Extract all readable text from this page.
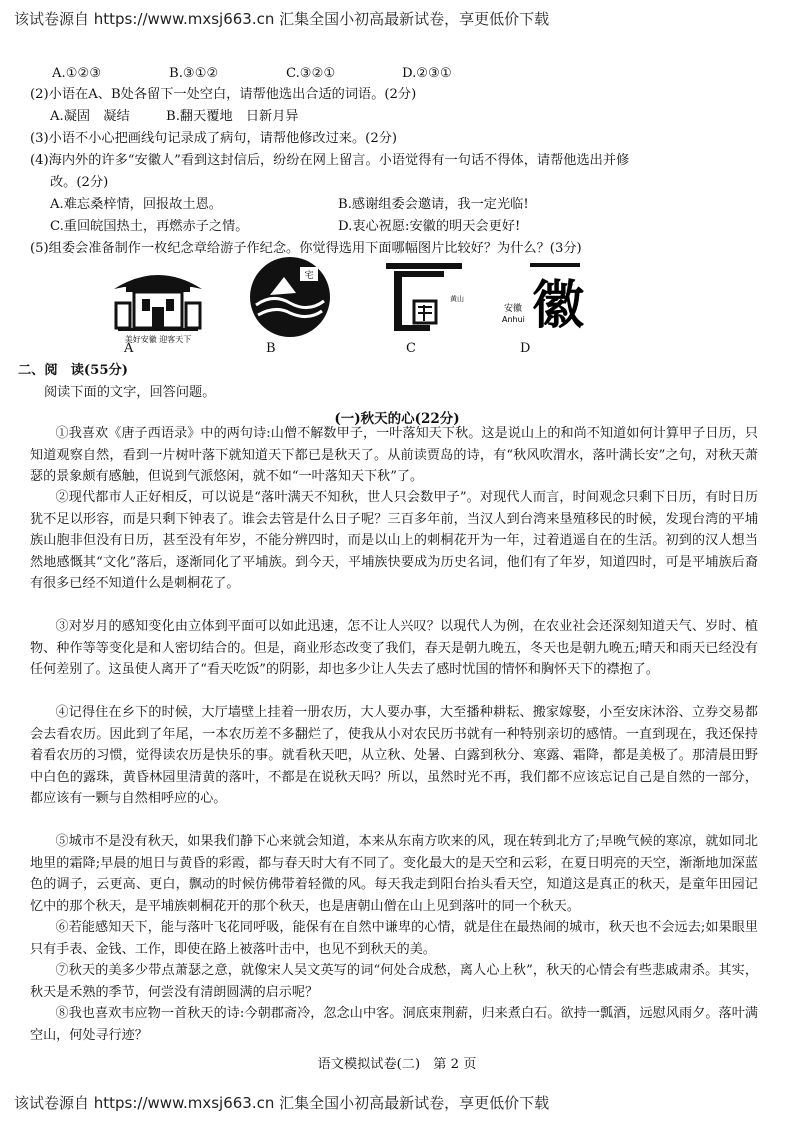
该试卷源自 https://www.mxsj663.cn 汇集全国小初高最新试卷，享更低价下载
A.①②③	B.③①②	C.③②①	D.②③①
(2)小语在A、B处各留下一处空白，请帮他选出合适的词语。(2分)
A.凝固　凝结	B.翻天覆地　日新月异
(3)小语不小心把画线句记录成了病句，请帮他修改过来。(2分)
(4)海内外的许多“安徽人”看到这封信后，纷纷在网上留言。小语觉得有一句话不得体，请帮他选出并修
改。(2分)
A.难忘桑梓情，回报故土恩。	B.感谢组委会邀请，我一定光临!
C.重回皖国热土，再燃赤子之情。	D.衷心祝愿:安徽的明天会更好!
(5)组委会准备制作一枚纪念章给游子作纪念。你觉得选用下面哪幅图片比较好？为什么？(3分)
美好安徽 迎客天下
A
宅
B
黄山
C
安徽
Anhui 徽
D
二、阅　读(55分)
阅读下面的文字，回答问题。
(一)秋天的心(22分)
①我喜欢《唐子西语录》中的两句诗:山僧不解数甲子，一叶落知天下秋。这是说山上的和尚不知道如何计算甲子日历，只知道观察自然，看到一片树叶落下就知道天下都已是秋天了。从前读贾岛的诗，有“秋风吹渭水，落叶满长安”之句，对秋天萧瑟的景象颇有感触，但说到气派悠闲，就不如“一叶落知天下秋”了。
②现代都市人正好相反，可以说是“落叶满天不知秋，世人只会数甲子”。对现代人而言，时间观念只剩下日历，有时日历犹不足以形容，而是只剩下钟表了。谁会去管是什么日子呢？三百多年前，当汉人到台湾来垦殖移民的时候，发现台湾的平埔族山胞非但没有日历，甚至没有年岁，不能分辨四时，而是以山上的刺桐花开为一年，过着逍遥自在的生活。初到的汉人想当然地感慨其“文化”落后，逐渐同化了平埔族。到今天，平埔族快要成为历史名词，他们有了年岁，知道四时，可是平埔族后裔有很多已经不知道什么是刺桐花了。
③对岁月的感知变化由立体到平面可以如此迅速，怎不让人兴叹？以現代人为例，在农业社会还深刻知道天气、岁时、植物、种作等等变化是和人密切结合的。但是，商业形态改变了我们，春天是朝九晚五，冬天也是朝九晚五;晴天和雨天已经没有任何差别了。这虽使人离开了“看天吃饭”的阴影，却也多少让人失去了感时忧国的情怀和胸怀天下的襟抱了。
④记得住在乡下的时候，大厅墙壁上挂着一册农历，大人要办事，大至播种耕耘、搬家嫁娶，小至安床沐浴、立券交易都会去看农历。因此到了年尾，一本农历差不多翻烂了，使我从小对农民历书就有一种特别亲切的感情。一直到现在，我还保持着看农历的习惯，觉得读农历是快乐的事。就看秋天吧，从立秋、处暑、白露到秋分、寒露、霜降，都是美极了。那清晨田野中白色的露珠，黄昏林园里清黄的落叶，不都是在说秋天吗？所以，虽然时光不再，我们都不应该忘记自己是自然的一部分，都应该有一颗与自然相呼应的心。
⑤城市不是没有秋天，如果我们静下心来就会知道，本来从东南方吹来的风，现在转到北方了;早晚气候的寒凉，就如同北地里的霜降;早晨的旭日与黄昏的彩霞，都与春天时大有不同了。变化最大的是天空和云彩，在夏日明亮的天空，渐渐地加深蓝色的调子，云更高、更白，飘动的时候仿佛带着轻微的风。每天我走到阳台抬头看天空，知道这是真正的秋天，是童年田园记忆中的那个秋天，是平埔族刺桐花开的那个秋天，也是唐朝山僧在山上见到落叶的同一个秋天。
⑥若能感知天下，能与落叶飞花同呼吸，能保有在自然中谦卑的心情，就是住在最热闹的城市，秋天也不会远去;如果眼里只有手表、金钱、工作，即使在路上被落叶击中，也见不到秋天的美。
⑦秋天的美多少带点萧瑟之意，就像宋人吴文英写的词“何处合成愁，离人心上秋”，秋天的心情会有些悲戚肃杀。其实，秋天是禾熟的季节，何尝没有清朗圆满的启示呢？
⑧我也喜欢韦应物一首秋天的诗:今朝郡斋冷，忽念山中客。洞底束荆薪，归来煮白石。欲持一瓢酒，远慰风雨夕。落叶满空山，何处寻行迹？
语文模拟试卷(二)　第 2 页
该试卷源自 https://www.mxsj663.cn 汇集全国小初高最新试卷，享更低价下载
